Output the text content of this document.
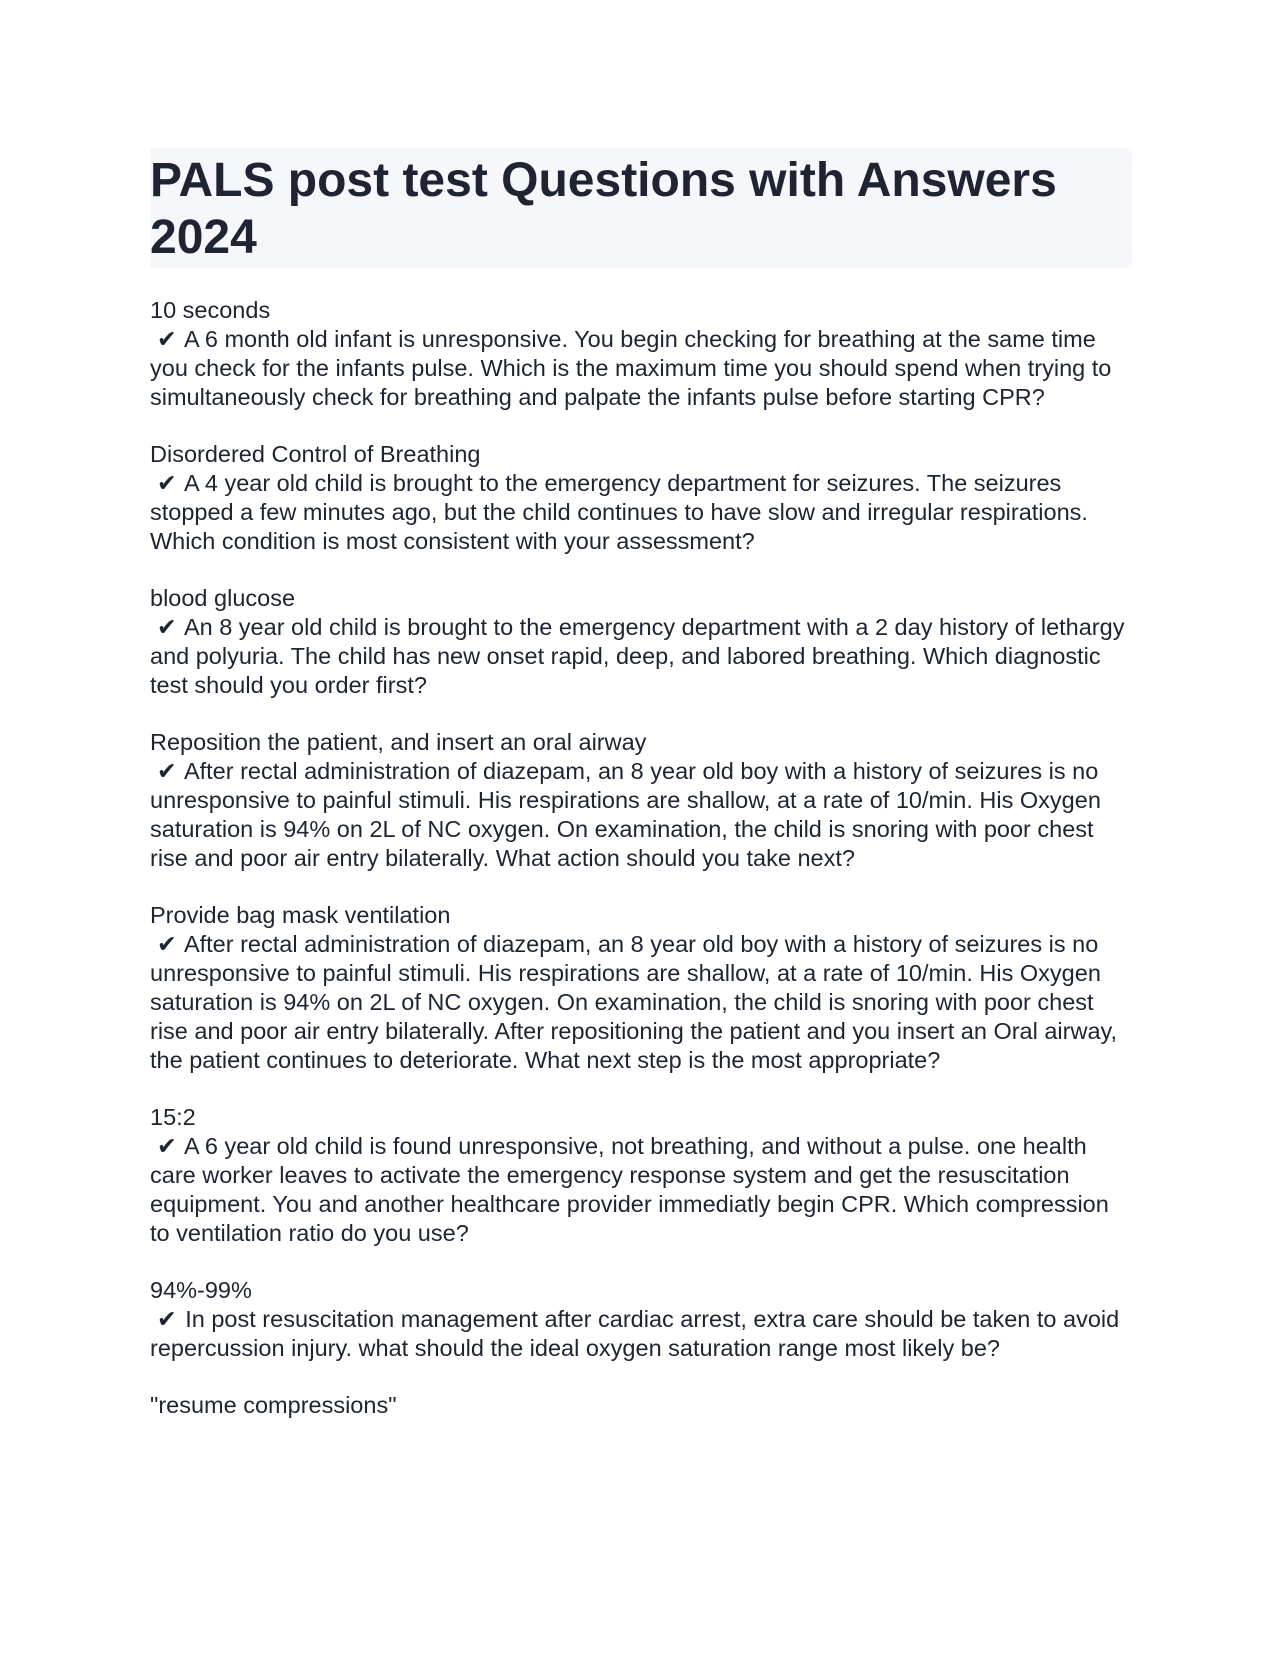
PALS post test Questions with Answers 2024
10 seconds
✔ A 6 month old infant is unresponsive. You begin checking for breathing at the same time you check for the infants pulse. Which is the maximum time you should spend when trying to simultaneously check for breathing and palpate the infants pulse before starting CPR?
Disordered Control of Breathing
✔ A 4 year old child is brought to the emergency department for seizures. The seizures stopped a few minutes ago, but the child continues to have slow and irregular respirations. Which condition is most consistent with your assessment?
blood glucose
✔ An 8 year old child is brought to the emergency department with a 2 day history of lethargy and polyuria. The child has new onset rapid, deep, and labored breathing. Which diagnostic test should you order first?
Reposition the patient, and insert an oral airway
✔ After rectal administration of diazepam, an 8 year old boy with a history of seizures is no unresponsive to painful stimuli. His respirations are shallow, at a rate of 10/min. His Oxygen saturation is 94% on 2L of NC oxygen. On examination, the child is snoring with poor chest rise and poor air entry bilaterally. What action should you take next?
Provide bag mask ventilation
✔ After rectal administration of diazepam, an 8 year old boy with a history of seizures is no unresponsive to painful stimuli. His respirations are shallow, at a rate of 10/min. His Oxygen saturation is 94% on 2L of NC oxygen. On examination, the child is snoring with poor chest rise and poor air entry bilaterally. After repositioning the patient and you insert an Oral airway, the patient continues to deteriorate. What next step is the most appropriate?
15:2
✔ A 6 year old child is found unresponsive, not breathing, and without a pulse. one health care worker leaves to activate the emergency response system and get the resuscitation equipment. You and another healthcare provider immediatly begin CPR. Which compression to ventilation ratio do you use?
94%-99%
✔ In post resuscitation management after cardiac arrest, extra care should be taken to avoid repercussion injury. what should the ideal oxygen saturation range most likely be?
"resume compressions"
